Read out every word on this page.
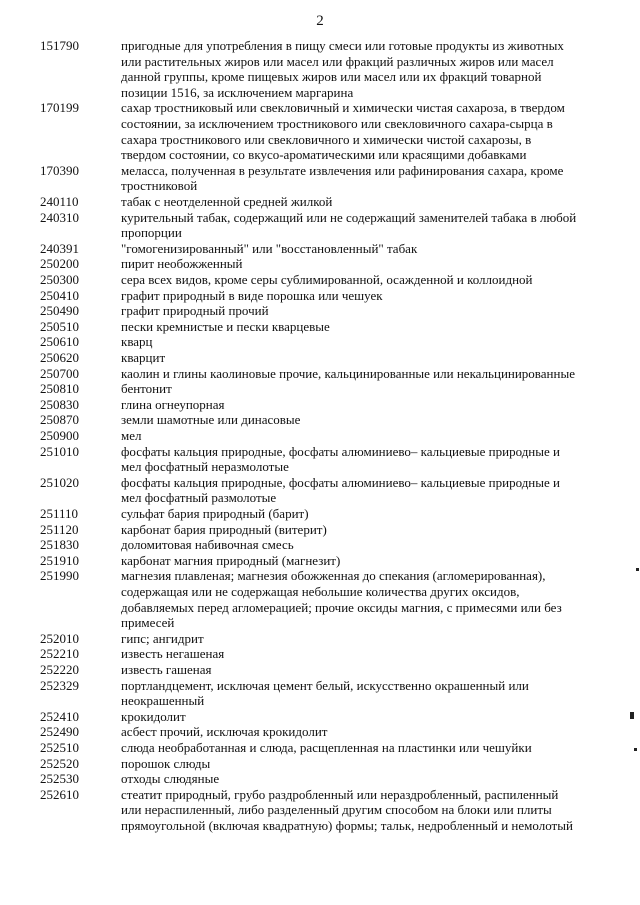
2
151790	пригодные для употребления в пищу смеси или готовые продукты из животных
или растительных жиров или масел или фракций различных жиров или масел
данной группы, кроме пищевых жиров или масел или их фракций товарной
позиции 1516, за исключением маргарина
170199	сахар тростниковый или свекловичный и химически чистая сахароза, в твердом
состоянии, за исключением тростникового или свекловичного сахара-сырца в
сахара тростникового или свекловичного и химически чистой сахарозы, в
твердом состоянии, со вкусо-ароматическими или красящими добавками
170390	меласса, полученная в результате извлечения или рафинирования сахара, кроме
тростниковой
240110	табак с неотделенной средней жилкой
240310	курительный табак, содержащий или не содержащий заменителей табака в любой
пропорции
240391	"гомогенизированный" или "восстановленный" табак
250200	пирит необожженный
250300	сера всех видов, кроме серы сублимированной, осажденной и коллоидной
250410	графит природный в виде порошка или чешуек
250490	графит природный прочий
250510	пески кремнистые и пески кварцевые
250610	кварц
250620	кварцит
250700	каолин и глины каолиновые прочие, кальцинированные или некальцинированные
250810	бентонит
250830	глина огнеупорная
250870	земли шамотные или динасовые
250900	мел
251010	фосфаты кальция природные, фосфаты алюминиево– кальциевые природные и
мел фосфатный неразмолотые
251020	фосфаты кальция природные, фосфаты алюминиево– кальциевые природные и
мел фосфатный размолотые
251110	сульфат бария природный (барит)
251120	карбонат бария природный (витерит)
251830	доломитовая набивочная смесь
251910	карбонат магния природный (магнезит)
251990	магнезия плавленая; магнезия обожженная до спекания (агломерированная),
содержащая или не содержащая небольшие количества других оксидов,
добавляемых перед агломерацией; прочие оксиды магния, с примесями или без
примесей
252010	гипс; ангидрит
252210	известь негашеная
252220	известь гашеная
252329	портландцемент, исключая цемент белый, искусственно окрашенный или
неокрашенный
252410	крокидолит
252490	асбест прочий, исключая крокидолит
252510	слюда необработанная и слюда, расщепленная на пластинки или чешуйки
252520	порошок слюды
252530	отходы слюдяные
252610	стеатит природный, грубо раздробленный или нераздробленный, распиленный
или нераспиленный, либо разделенный другим способом на блоки или плиты
прямоугольной (включая квадратную) формы; тальк, недробленный и немолотый
